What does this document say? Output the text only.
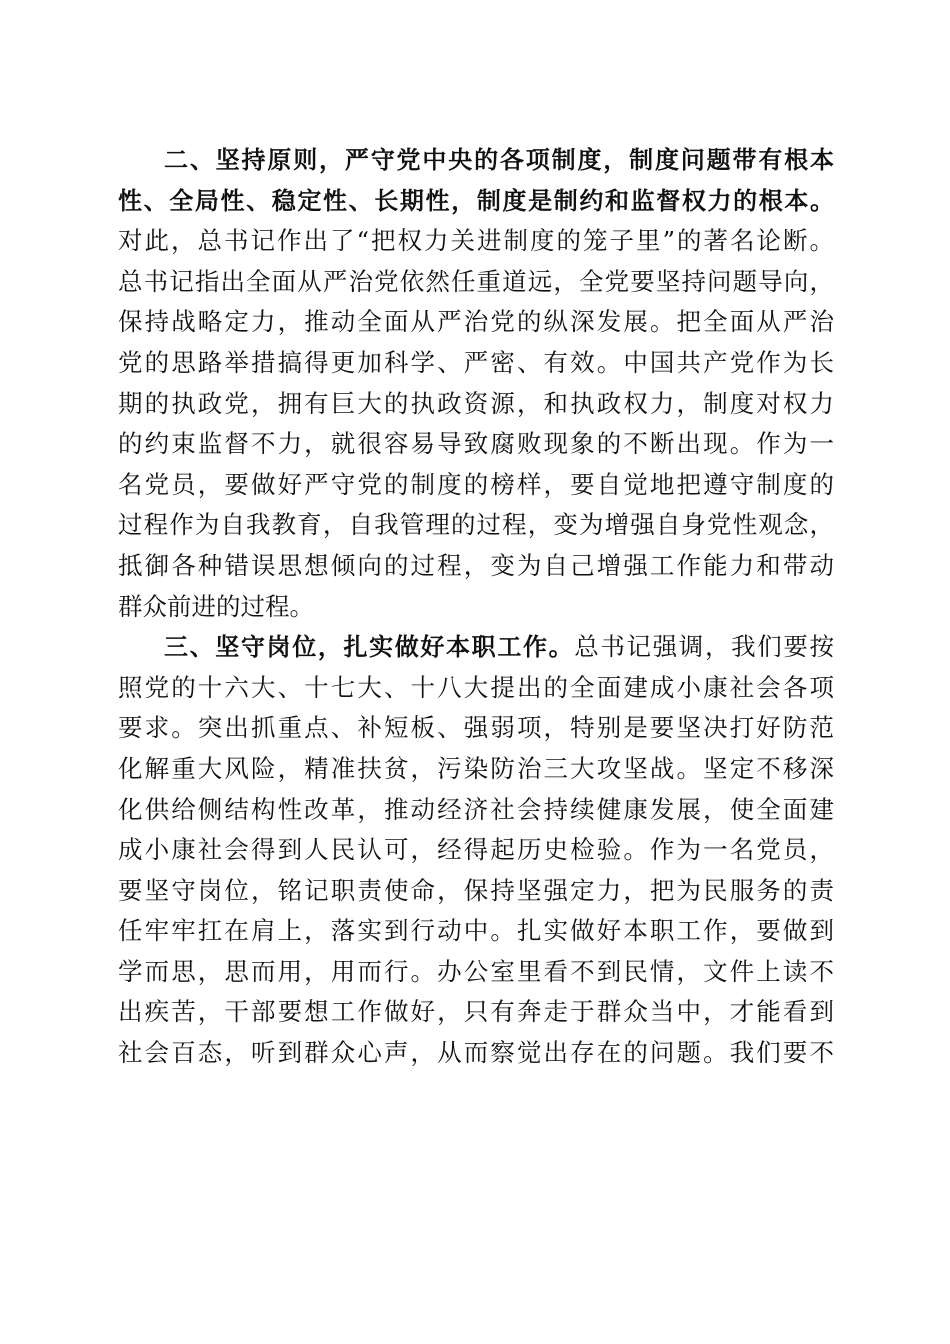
二、坚持原则，严守党中央的各项制度，制度问题带有根本
性、全局性、稳定性、长期性，制度是制约和监督权力的根本。
对此，总书记作出了“把权力关进制度的笼子里”的著名论断。
总书记指出全面从严治党依然任重道远，全党要坚持问题导向，
保持战略定力，推动全面从严治党的纵深发展。把全面从严治
党的思路举措搞得更加科学、严密、有效。中国共产党作为长
期的执政党，拥有巨大的执政资源，和执政权力，制度对权力
的约束监督不力，就很容易导致腐败现象的不断出现。作为一
名党员，要做好严守党的制度的榜样，要自觉地把遵守制度的
过程作为自我教育，自我管理的过程，变为增强自身党性观念，
抵御各种错误思想倾向的过程，变为自己增强工作能力和带动
群众前进的过程。
三、坚守岗位，扎实做好本职工作。总书记强调，我们要按
照党的十六大、十七大、十八大提出的全面建成小康社会各项
要求。突出抓重点、补短板、强弱项，特别是要坚决打好防范
化解重大风险，精准扶贫，污染防治三大攻坚战。坚定不移深
化供给侧结构性改革，推动经济社会持续健康发展，使全面建
成小康社会得到人民认可，经得起历史检验。作为一名党员，
要坚守岗位，铭记职责使命，保持坚强定力，把为民服务的责
任牢牢扛在肩上，落实到行动中。扎实做好本职工作，要做到
学而思，思而用，用而行。办公室里看不到民情，文件上读不
出疾苦，干部要想工作做好，只有奔走于群众当中，才能看到
社会百态，听到群众心声，从而察觉出存在的问题。我们要不
